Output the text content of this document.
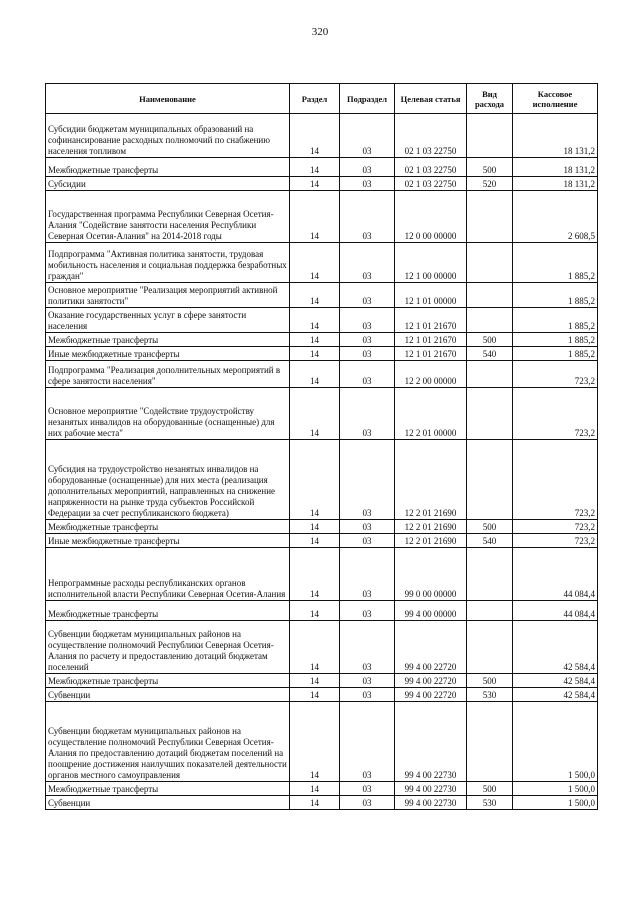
320
Наименование	Раздел	Подраздел	Целевая статья	Вид расхода	Кассовое исполнение
Субсидии бюджетам муниципальных образований на софинансирование расходных полномочий по снабжению населения топливом	14	03	02 1 03 22750		18 131,2
Межбюджетные трансферты	14	03	02 1 03 22750	500	18 131,2
Субсидии	14	03	02 1 03 22750	520	18 131,2
Государственная программа Республики Северная Осетия-Алания "Содействие занятости населения Республики Северная Осетия-Алания" на 2014-2018 годы	14	03	12 0 00 00000		2 608,5
Подпрограмма "Активная политика занятости, трудовая мобильность населения и социальная поддержка безработных граждан"	14	03	12 1 00 00000		1 885,2
Основное мероприятие "Реализация мероприятий активной политики занятости"	14	03	12 1 01 00000		1 885,2
Оказание государственных услуг в сфере занятости населения	14	03	12 1 01 21670		1 885,2
Межбюджетные трансферты	14	03	12 1 01 21670	500	1 885,2
Иные межбюджетные трансферты	14	03	12 1 01 21670	540	1 885,2
Подпрограмма "Реализация дополнительных мероприятий в сфере занятости населения"	14	03	12 2 00 00000		723,2
Основное мероприятие "Содействие трудоустройству незанятых инвалидов на оборудованные (оснащенные) для них рабочие места"	14	03	12 2 01 00000		723,2
Субсидия на трудоустройство незанятых инвалидов на оборудованные (оснащенные) для них места (реализация дополнительных мероприятий, направленных на снижение напряженности на рынке труда субъектов Российской Федерации за счет республиканского бюджета)	14	03	12 2 01 21690		723,2
Межбюджетные трансферты	14	03	12 2 01 21690	500	723,2
Иные межбюджетные трансферты	14	03	12 2 01 21690	540	723,2
Непрограммные расходы республиканских органов исполнительной власти Республики Северная Осетия-Алания	14	03	99 0 00 00000		44 084,4
Межбюджетные трансферты	14	03	99 4 00 00000		44 084,4
Субвенции бюджетам муниципальных районов на осуществление полномочий Республики Северная Осетия-Алания по расчету и предоставлению дотаций бюджетам поселений	14	03	99 4 00 22720		42 584,4
Межбюджетные трансферты	14	03	99 4 00 22720	500	42 584,4
Субвенции	14	03	99 4 00 22720	530	42 584,4
Субвенции бюджетам муниципальных районов на осуществление полномочий Республики Северная Осетия-Алания по предоставлению дотаций бюджетам поселений на поощрение достижения наилучших показателей деятельности органов местного самоуправления	14	03	99 4 00 22730		1 500,0
Межбюджетные трансферты	14	03	99 4 00 22730	500	1 500,0
Субвенции	14	03	99 4 00 22730	530	1 500,0
